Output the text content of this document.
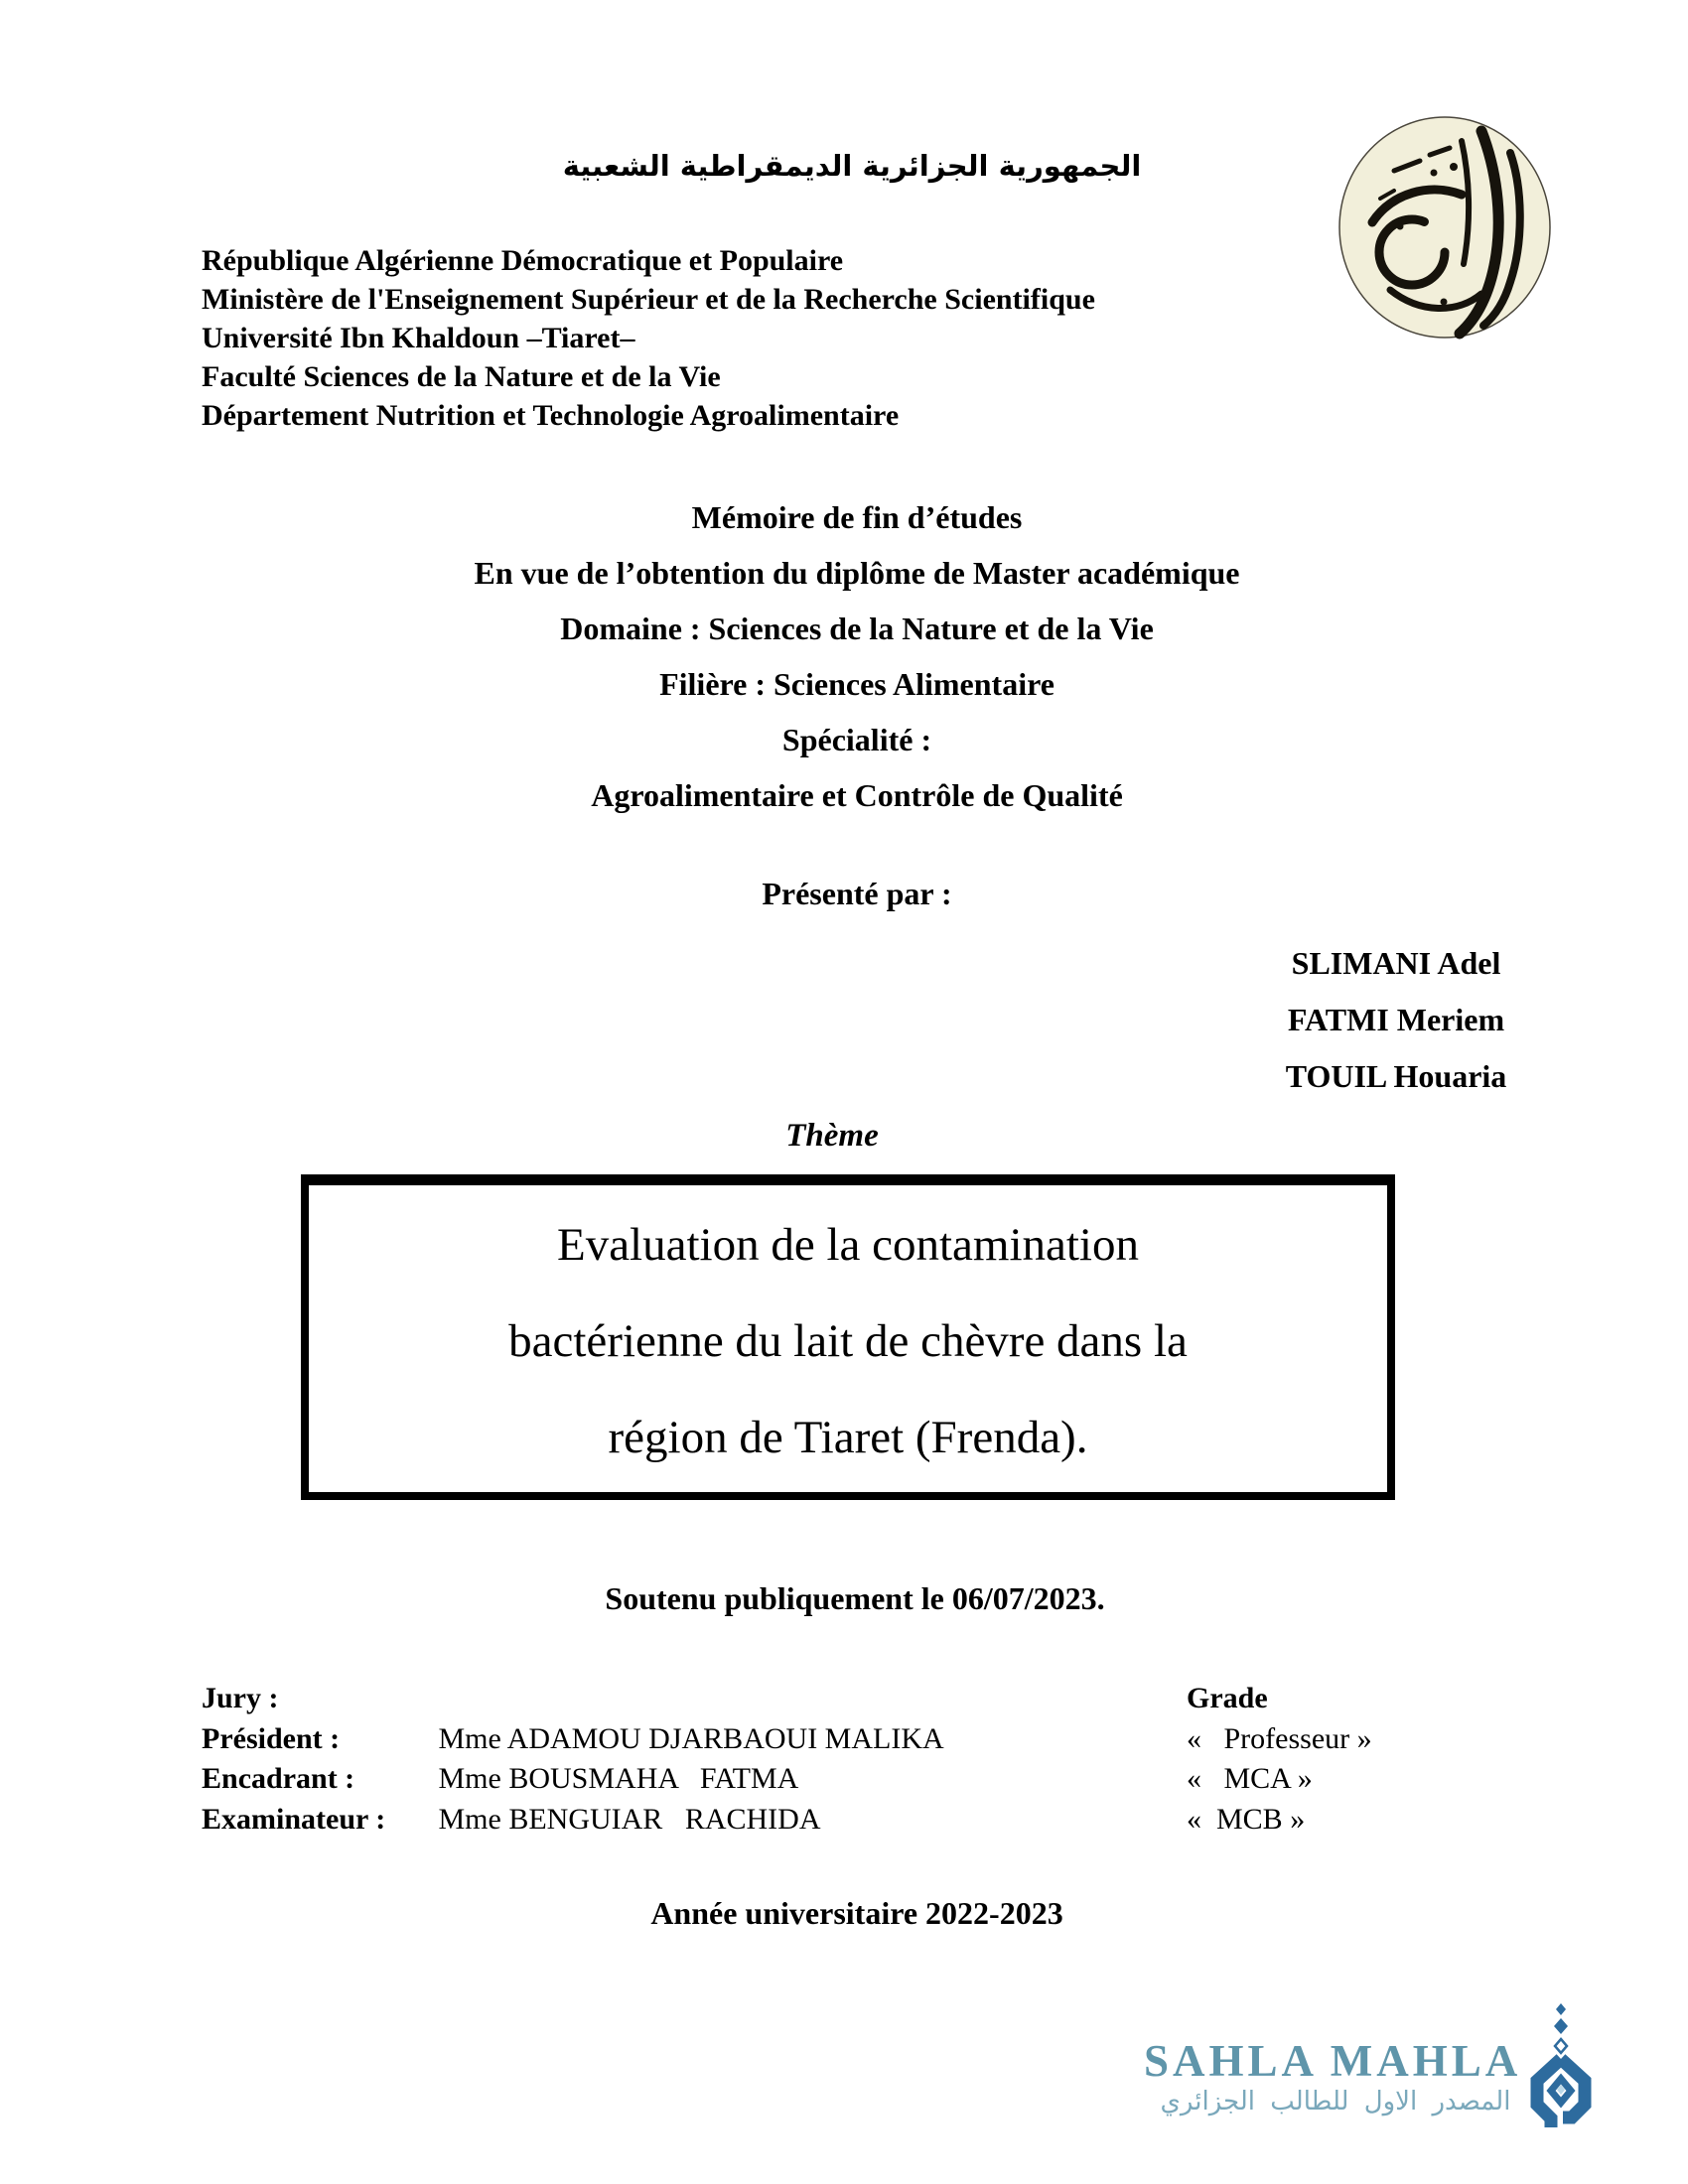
الجمهورية الجزائرية الديمقراطية الشعبية
République Algérienne Démocratique et Populaire
Ministère de l'Enseignement Supérieur et de la Recherche Scientifique
Université Ibn Khaldoun –Tiaret–
Faculté Sciences de la Nature et de la Vie
Département Nutrition et Technologie Agroalimentaire
Mémoire de fin d’études
En vue de l’obtention du diplôme de Master académique
Domaine : Sciences de la Nature et de la Vie
Filière : Sciences Alimentaire
Spécialité :
Agroalimentaire et Contrôle de Qualité
Présenté par :
SLIMANI Adel
FATMI Meriem
TOUIL Houaria
Thème
Evaluation de la contamination
bactérienne du lait de chèvre dans la
région de Tiaret (Frenda).
Soutenu publiquement le 06/07/2023.
Jury :	Grade
Président :	Mme ADAMOU DJARBAOUI MALIKA	«   Professeur »
Encadrant :	Mme BOUSMAHA   FATMA	«   MCA »
Examinateur : Mme BENGUIAR   RACHIDA	«  MCB »
Année universitaire 2022-2023
SAHLA MAHLA
المصدر الاول للطالب الجزائري
